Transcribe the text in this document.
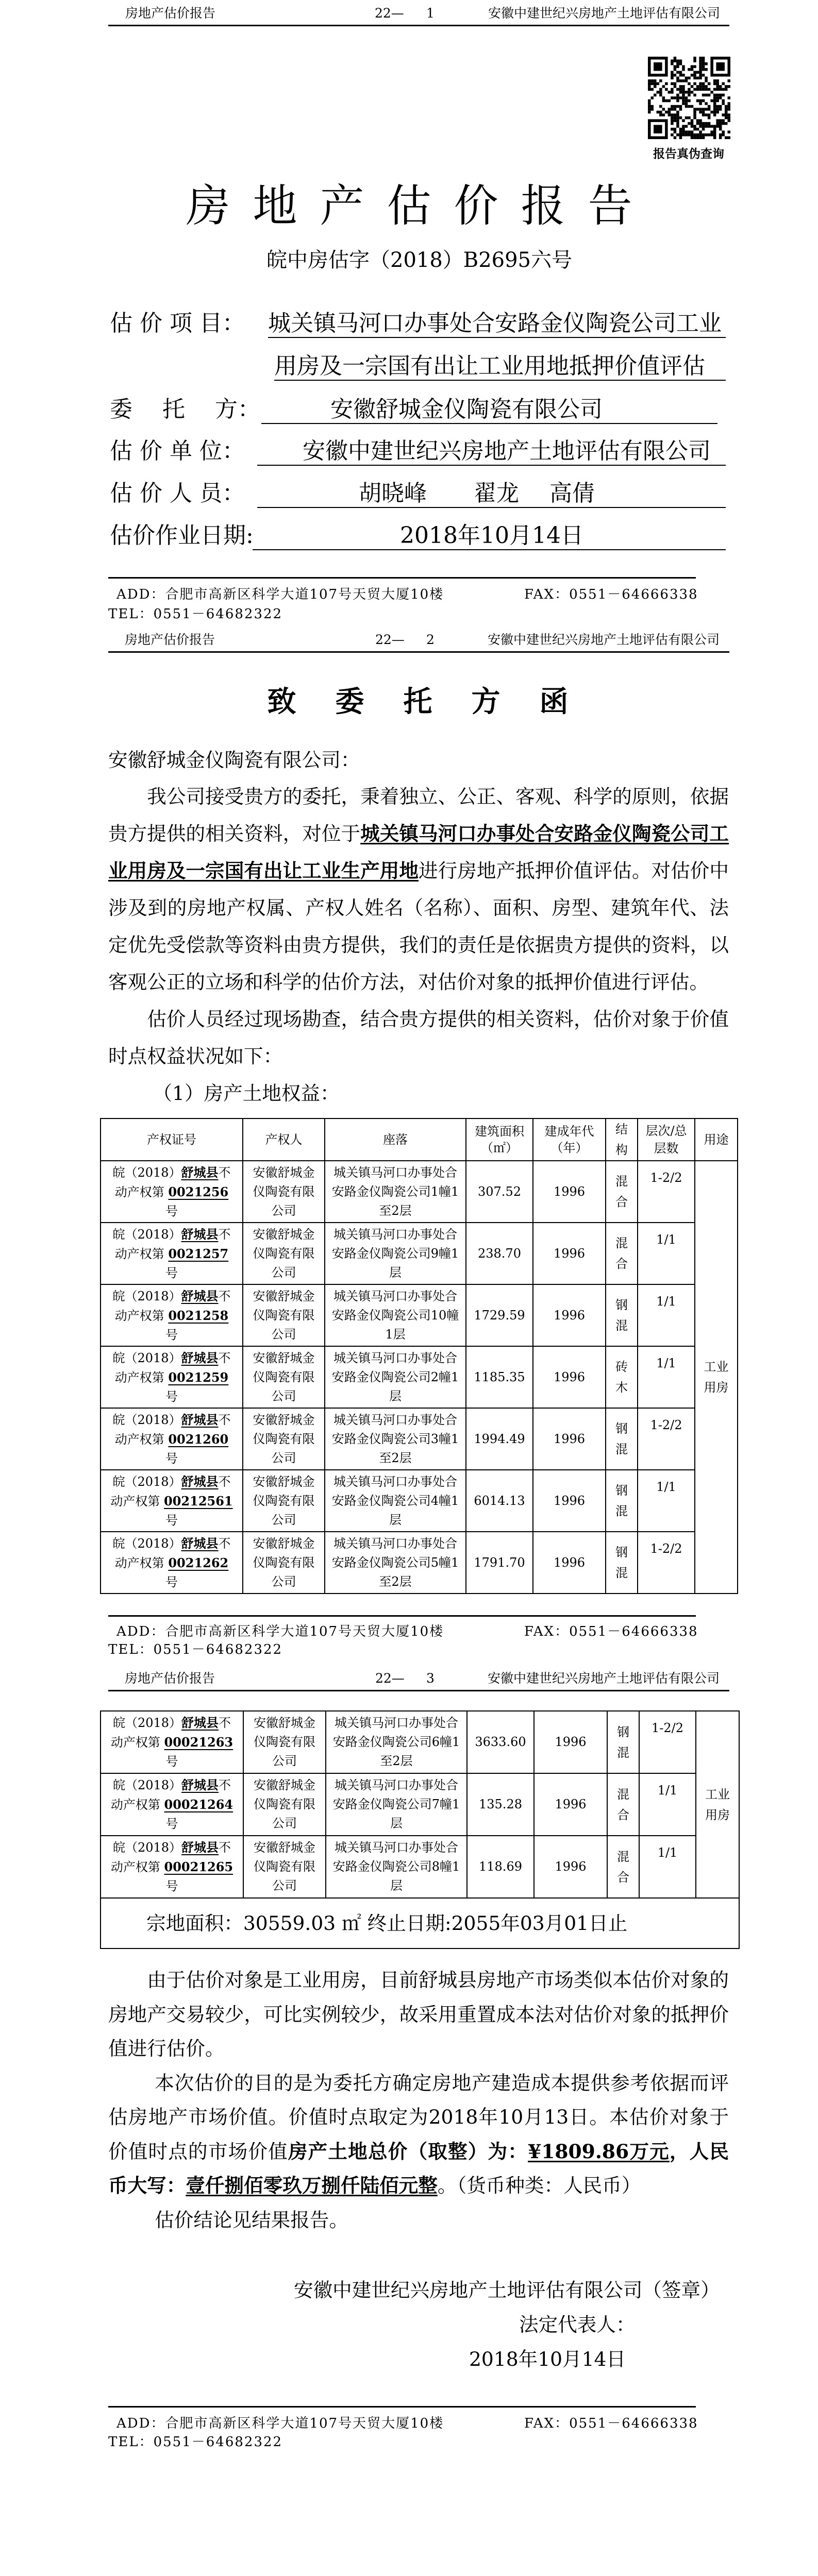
房地产估价报告	22— 1	安徽中建世纪兴房地产土地评估有限公司
报告真伪查询
房地产估价报告
皖中房估字（2018）B2695六号
估 价 项 目： 城关镇马河口办事处合安路金仪陶瓷公司工业
用房及一宗国有出让工业用地抵押价值评估
委　 托　 方：	安徽舒城金仪陶瓷有限公司
估 价 单 位：	安徽中建世纪兴房地产土地评估有限公司
估 价 人 员：	胡晓峰 翟龙 高倩
估价作业日期:	2018年10月14日
ADD：合肥市高新区科学大道107号天贸大厦10楼	FAX：0551－64666338
TEL：0551－64682322
房地产估价报告	22— 2	安徽中建世纪兴房地产土地评估有限公司
致委托方函
安徽舒城金仪陶瓷有限公司：

我公司接受贵方的委托，秉着独立、公正、客观、科学的原则，依据贵方提供的相关资料，对位于城关镇马河口办事处合安路金仪陶瓷公司工业用房及一宗国有出让工业生产用地进行房地产抵押价值评估。对估价中涉及到的房地产权属、产权人姓名（名称）、面积、房型、建筑年代、法定优先受偿款等资料由贵方提供，我们的责任是依据贵方提供的资料，以客观公正的立场和科学的估价方法，对估价对象的抵押价值进行评估。

估价人员经过现场勘查，结合贵方提供的相关资料，估价对象于价值时点权益状况如下：

（1）房产土地权益：

产权证号	产权人	座落	建筑面积（㎡）	建成年代（年）	结构	层次/总层数	用途
皖（2018）舒城县不动产权第 0021256 号	安徽舒城金仪陶瓷有限公司	城关镇马河口办事处合安路金仪陶瓷公司1幢1至2层	307.52	1996	混合	1-2/2	工业用房
皖（2018）舒城县不动产权第 0021257 号	安徽舒城金仪陶瓷有限公司	城关镇马河口办事处合安路金仪陶瓷公司9幢1层	238.70	1996	混合	1/1	
皖（2018）舒城县不动产权第 0021258 号	安徽舒城金仪陶瓷有限公司	城关镇马河口办事处合安路金仪陶瓷公司10幢1层	1729.59	1996	钢混	1/1	
皖（2018）舒城县不动产权第 0021259 号	安徽舒城金仪陶瓷有限公司	城关镇马河口办事处合安路金仪陶瓷公司2幢1层	1185.35	1996	砖木	1/1	
皖（2018）舒城县不动产权第 0021260 号	安徽舒城金仪陶瓷有限公司	城关镇马河口办事处合安路金仪陶瓷公司3幢1至2层	1994.49	1996	钢混	1-2/2	
皖（2018）舒城县不动产权第 00212561 号	安徽舒城金仪陶瓷有限公司	城关镇马河口办事处合安路金仪陶瓷公司4幢1层	6014.13	1996	钢混	1/1	
皖（2018）舒城县不动产权第 0021262 号	安徽舒城金仪陶瓷有限公司	城关镇马河口办事处合安路金仪陶瓷公司5幢1至2层	1791.70	1996	钢混	1-2/2	
ADD：合肥市高新区科学大道107号天贸大厦10楼	FAX：0551－64666338
TEL：0551－64682322
房地产估价报告	22— 3	安徽中建世纪兴房地产土地评估有限公司
皖（2018）舒城县不动产权第 00021263 号	安徽舒城金仪陶瓷有限公司	城关镇马河口办事处合安路金仪陶瓷公司6幢1至2层	3633.60	1996	钢混	1-2/2	工业用房
皖（2018）舒城县不动产权第 00021264 号	安徽舒城金仪陶瓷有限公司	城关镇马河口办事处合安路金仪陶瓷公司7幢1层	135.28	1996	混合	1/1	
皖（2018）舒城县不动产权第 00021265 号	安徽舒城金仪陶瓷有限公司	城关镇马河口办事处合安路金仪陶瓷公司8幢1层	118.69	1996	混合	1/1	
宗地面积：30559.03 ㎡ 终止日期:2055年03月01日止							

由于估价对象是工业用房，目前舒城县房地产市场类似本估价对象的房地产交易较少，可比实例较少，故采用重置成本法对估价对象的抵押价值进行估价。

本次估价的目的是为委托方确定房地产建造成本提供参考依据而评估房地产市场价值。价值时点取定为2018年10月13日。本估价对象于价值时点的市场价值房产土地总价（取整）为：¥1809.86万元，人民币大写：壹仟捌佰零玖万捌仟陆佰元整。（货币种类：人民币）

估价结论见结果报告。

安徽中建世纪兴房地产土地评估有限公司（签章）
法定代表人：
2018年10月14日
ADD：合肥市高新区科学大道107号天贸大厦10楼	FAX：0551－64666338
TEL：0551－64682322
